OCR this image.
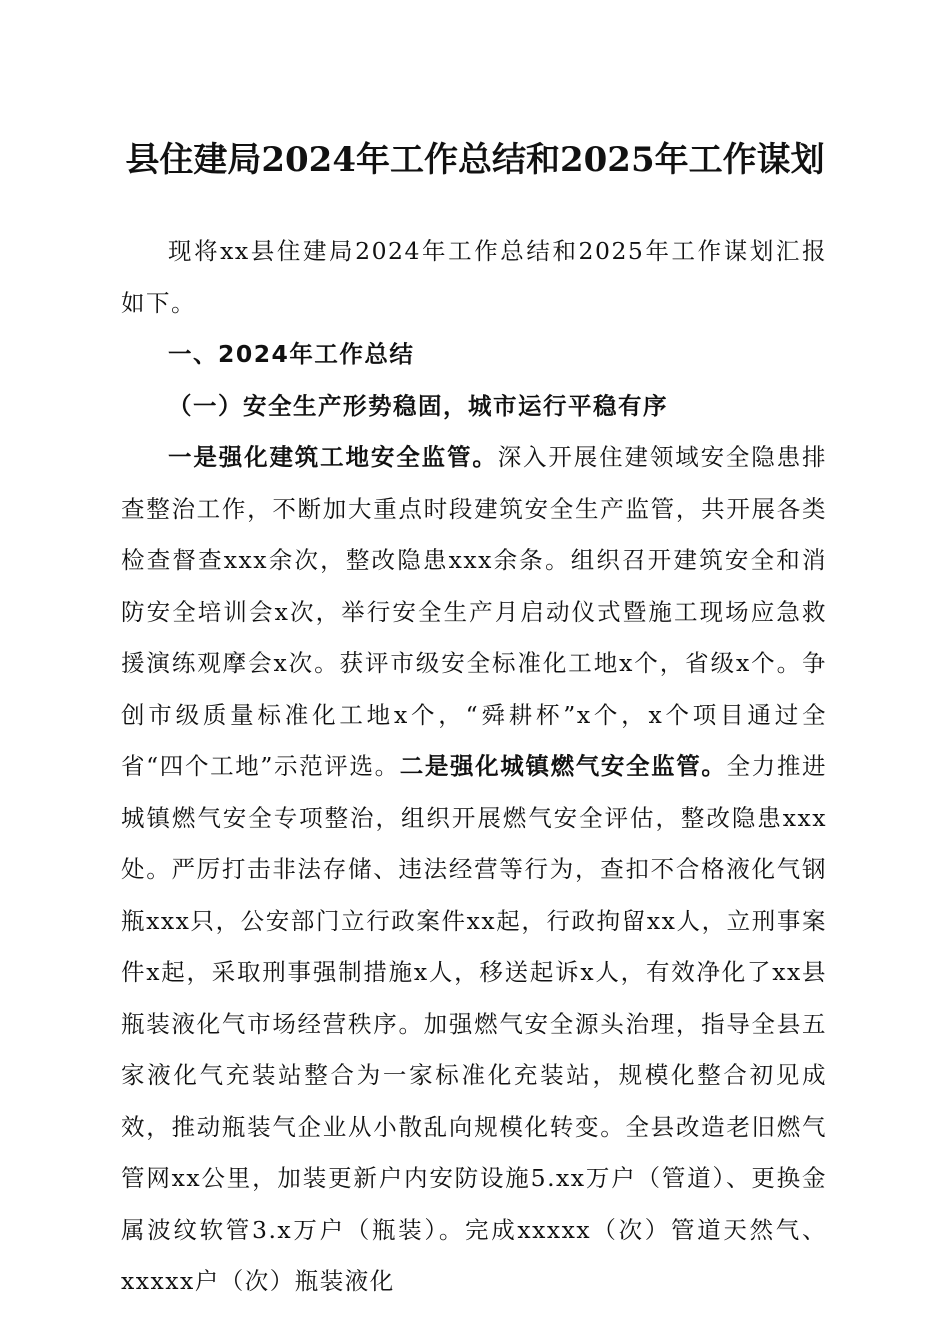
县住建局2024年工作总结和2025年工作谋划

现将xx县住建局2024年工作总结和2025年工作谋划汇报如下。

一、2024年工作总结

（一）安全生产形势稳固，城市运行平稳有序

一是强化建筑工地安全监管。深入开展住建领域安全隐患排查整治工作，不断加大重点时段建筑安全生产监管，共开展各类检查督查xxx余次，整改隐患xxx余条。组织召开建筑安全和消防安全培训会x次，举行安全生产月启动仪式暨施工现场应急救援演练观摩会x次。获评市级安全标准化工地x个，省级x个。争创市级质量标准化工地x个，“舜耕杯”x个，x个项目通过全省“四个工地”示范评选。二是强化城镇燃气安全监管。全力推进城镇燃气安全专项整治，组织开展燃气安全评估，整改隐患xxx处。严厉打击非法存储、违法经营等行为，查扣不合格液化气钢瓶xxx只，公安部门立行政案件xx起，行政拘留xx人，立刑事案件x起，采取刑事强制措施x人，移送起诉x人，有效净化了xx县瓶装液化气市场经营秩序。加强燃气安全源头治理，指导全县五家液化气充装站整合为一家标准化充装站，规模化整合初见成效，推动瓶装气企业从小散乱向规模化转变。全县改造老旧燃气管网xx公里，加装更新户内安防设施5.xx万户（管道）、更换金属波纹软管3.x万户（瓶装）。完成xxxxx（次）管道天然气、xxxxx户（次）瓶装液化
